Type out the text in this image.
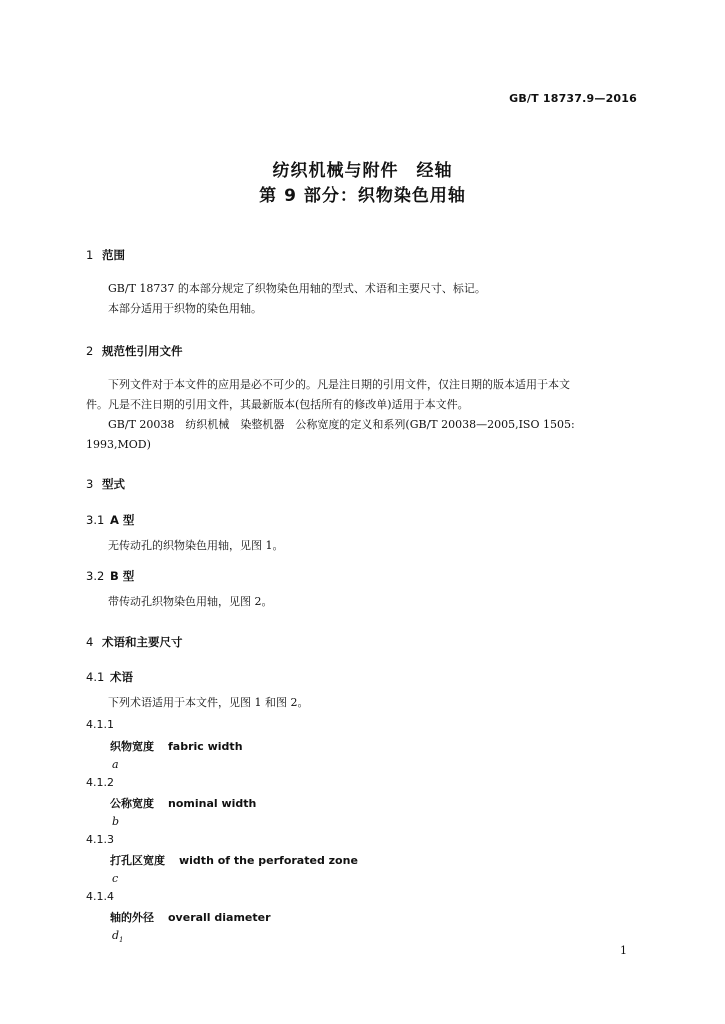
GB/T 18737.9—2016
纺织机械与附件　经轴
第 9 部分：织物染色用轴
1 范围
GB/T 18737 的本部分规定了织物染色用轴的型式、术语和主要尺寸、标记。
本部分适用于织物的染色用轴。
2 规范性引用文件
下列文件对于本文件的应用是必不可少的。凡是注日期的引用文件，仅注日期的版本适用于本文
件。凡是不注日期的引用文件，其最新版本(包括所有的修改单)适用于本文件。
GB/T 20038　纺织机械　染整机器　公称宽度的定义和系列(GB/T 20038—2005,ISO 1505:
1993,MOD)
3 型式
3.1 A 型
无传动孔的织物染色用轴，见图 1。
3.2 B 型
带传动孔织物染色用轴，见图 2。
4 术语和主要尺寸
4.1 术语
下列术语适用于本文件，见图 1 和图 2。
4.1.1
织物宽度 fabric width
a
4.1.2
公称宽度 nominal width
b
4.1.3
打孔区宽度 width of the perforated zone
c
4.1.4
轴的外径 overall diameter
$d_1$
1
